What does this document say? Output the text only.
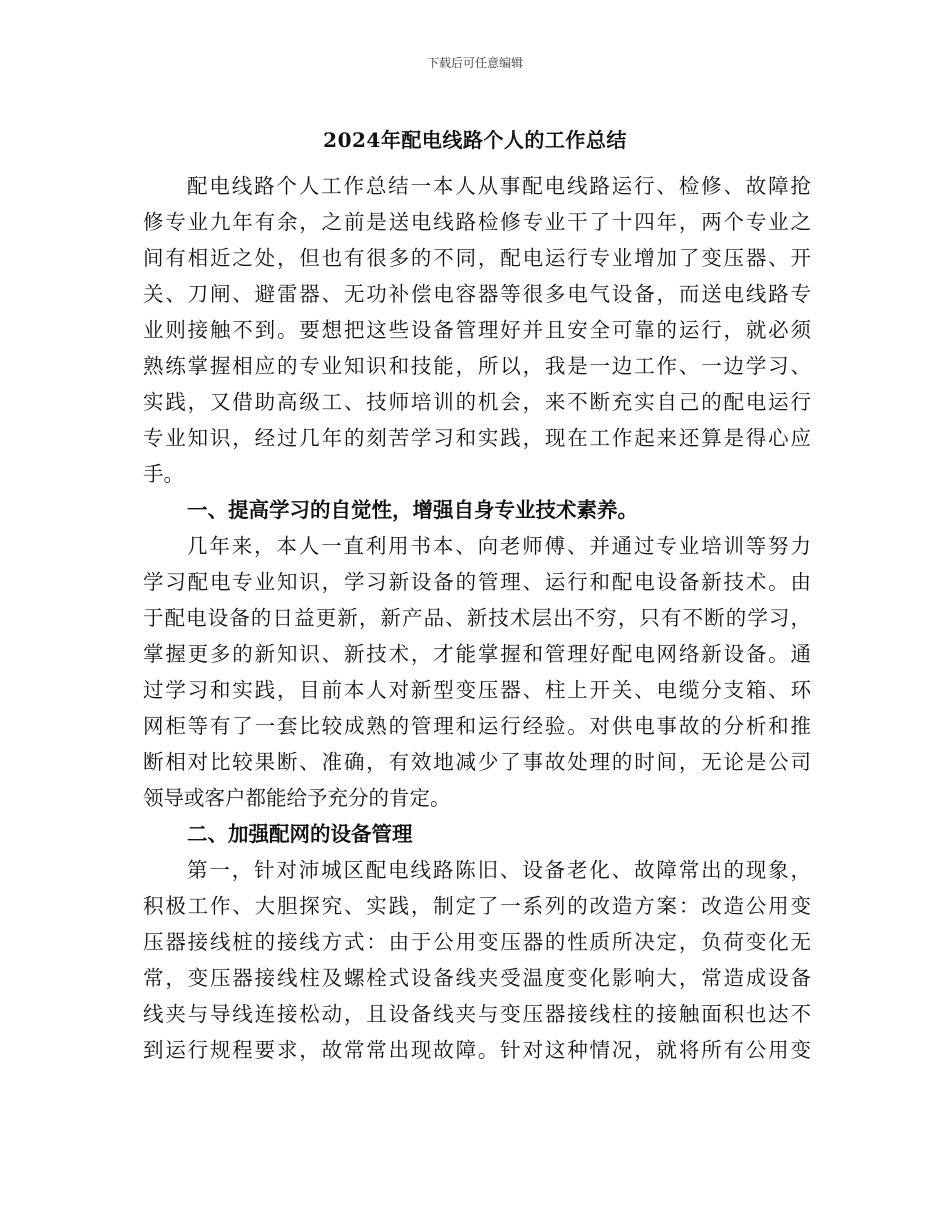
下载后可任意编辑
2024年配电线路个人的工作总结
配电线路个人工作总结一本人从事配电线路运行、检修、故障抢
修专业九年有余，之前是送电线路检修专业干了十四年，两个专业之
间有相近之处，但也有很多的不同，配电运行专业增加了变压器、开
关、刀闸、避雷器、无功补偿电容器等很多电气设备，而送电线路专
业则接触不到。要想把这些设备管理好并且安全可靠的运行，就必须
熟练掌握相应的专业知识和技能，所以，我是一边工作、一边学习、
实践，又借助高级工、技师培训的机会，来不断充实自己的配电运行
专业知识，经过几年的刻苦学习和实践，现在工作起来还算是得心应
手。
一、提高学习的自觉性，增强自身专业技术素养。
几年来，本人一直利用书本、向老师傅、并通过专业培训等努力
学习配电专业知识，学习新设备的管理、运行和配电设备新技术。由
于配电设备的日益更新，新产品、新技术层出不穷，只有不断的学习，
掌握更多的新知识、新技术，才能掌握和管理好配电网络新设备。通
过学习和实践，目前本人对新型变压器、柱上开关、电缆分支箱、环
网柜等有了一套比较成熟的管理和运行经验。对供电事故的分析和推
断相对比较果断、准确，有效地减少了事故处理的时间，无论是公司
领导或客户都能给予充分的肯定。
二、加强配网的设备管理
第一，针对沛城区配电线路陈旧、设备老化、故障常出的现象，
积极工作、大胆探究、实践，制定了一系列的改造方案：改造公用变
压器接线桩的接线方式：由于公用变压器的性质所决定，负荷变化无
常，变压器接线柱及螺栓式设备线夹受温度变化影响大，常造成设备
线夹与导线连接松动，且设备线夹与变压器接线柱的接触面积也达不
到运行规程要求，故常常出现故障。针对这种情况，就将所有公用变
